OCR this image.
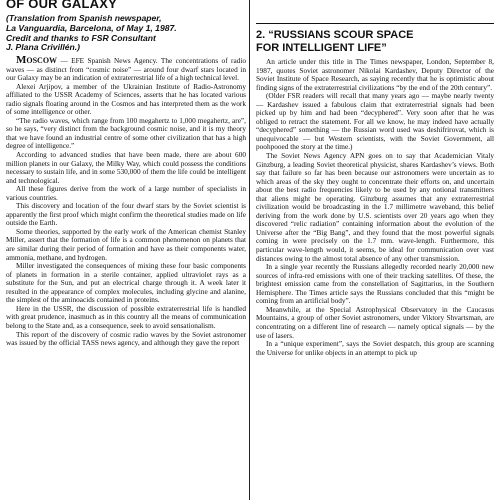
OF OUR GALAXY
(Translation from Spanish newspaper,
La Vanguardia, Barcelona, of May 1, 1987.
Credit and thanks to FSR Consultant
J. Plana Crivillén.)

Moscow — EFE Spanish News Agency. The concentrations of radio waves — as distinct from “cosmic noise” — around four dwarf stars located in our Galaxy may be an indication of extraterrestrial life of a high technical level.

Alexei Arjipov, a member of the Ukrainian Institute of Radio-Astronomy affiliated to the USSR Academy of Sciences, asserts that he has located various radio signals floating around in the Cosmos and has interpreted them as the work of some intelligence or other.

“The radio waves, which range from 100 megahertz to 1,000 megahertz, are”, so he says, “very distinct from the background cosmic noise, and it is my theory that we have found an industrial centre of some other civilization that has a high degree of intelligence.”

According to advanced studies that have been made, there are about 600 million planets in our Galaxy, the Milky Way, which could possess the conditions necessary to sustain life, and in some 530,000 of them the life could be intelligent and technological.

All these figures derive from the work of a large number of specialists in various countries.

This discovery and location of the four dwarf stars by the Soviet scientist is apparently the first proof which might confirm the theoretical studies made on life outside the Earth.

Some theories, supported by the early work of the American chemist Stanley Miller, assert that the formation of life is a common phenomenon on planets that are similar during their period of formation and have as their components water, ammonia, methane, and hydrogen.

Miller investigated the consequences of mixing these four basic components of planets in formation in a sterile container, applied ultraviolet rays as a substitute for the Sun, and put an electrical charge through it. A week later it resulted in the appearance of complex molecules, including glycine and alanine, the simplest of the aminoacids contained in proteins.

Here in the USSR, the discussion of possible extraterrestrial life is handled with great prudence, inasmuch as in this country all the means of communication belong to the State and, as a consequence, seek to avoid sensationalism.

This report of the discovery of cosmic radio waves by the Soviet astronomer was issued by the official TASS news agency, and although they gave the report

2. “RUSSIANS SCOUR SPACE
FOR INTELLIGENT LIFE”

An article under this title in The Times newspaper, London, September 8, 1987, quotes Soviet astronomer Nikolai Kardashev, Deputy Director of the Soviet Institute of Space Research, as saying recently that he is optimistic about finding signs of the extraterrestrial civilizations “by the end of the 20th century”.

(Older FSR readers will recall that many years ago — maybe nearly twenty — Kardashev issued a fabulous claim that extraterrestrial signals had been picked up by him and had been “decyphered”. Very soon after that he was obliged to retract the statement. For all we know, he may indeed have actually “decyphered” something — the Russian word used was deshifrirovat, which is unequivocable — but Western scientists, with the Soviet Government, all poohpooed the story at the time.)

The Soviet News Agency APN goes on to say that Academician Vitaly Ginzburg, a leading Soviet theoretical physicist, shares Kardashev’s views. Both say that failure so far has been because our astronomers were uncertain as to which areas of the sky they ought to concentrate their efforts on, and uncertain about the best radio frequencies likely to be used by any notional transmitters that aliens might be operating. Ginzburg assumes that any extraterrestrial civilization would be broadcasting in the 1.7 millimetre waveband, this belief deriving from the work done by U.S. scientists over 20 years ago when they discovered “relic radiation” containing information about the evolution of the Universe after the “Big Bang”, and they found that the most powerful signals coming in were precisely on the 1.7 mm. wave-length. Furthermore, this particular wave-length would, it seems, be ideal for communication over vast distances owing to the almost total absence of any other transmission.

In a single year recently the Russians allegedly recorded nearly 20,000 new sources of infra-red emissions with one of their tracking satellites. Of these, the brightest emission came from the constellation of Sagittarius, in the Southern Hemisphere. The Times article says the Russians concluded that this “might be coming from an artificial body”.

Meanwhile, at the Special Astrophysical Observatory in the Caucasus Mountains, a group of other Soviet astronomers, under Viktory Shvartsman, are concentrating on a different line of research — namely optical signals — by the use of lasers.

In a “unique experiment”, says the Soviet despatch, this group are scanning the Universe for unlike objects in an attempt to pick up
